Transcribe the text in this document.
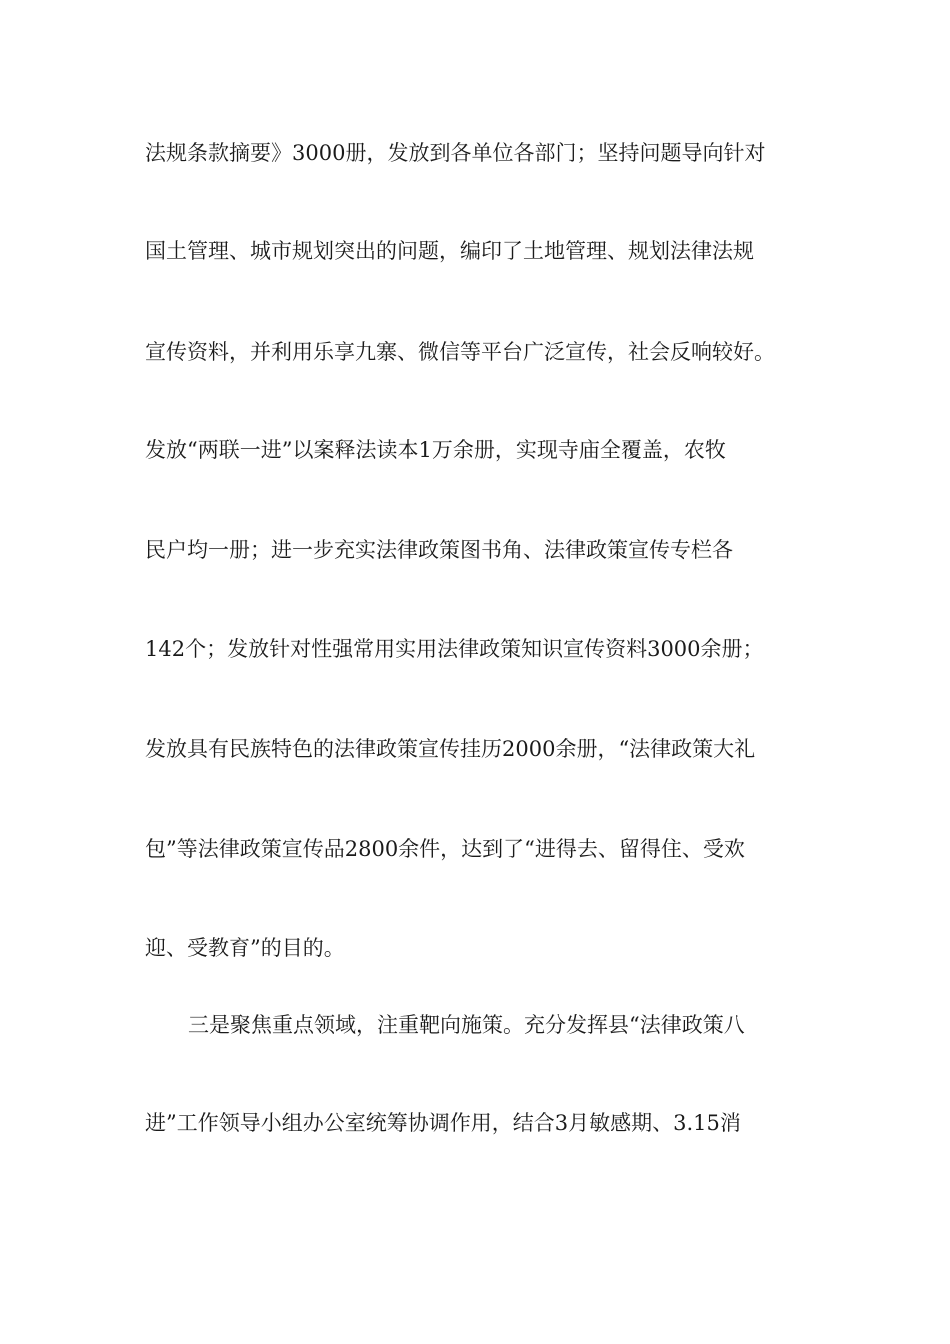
法规条款摘要》3000册，发放到各单位各部门；坚持问题导向针对
国土管理、城市规划突出的问题，编印了土地管理、规划法律法规
宣传资料，并利用乐享九寨、微信等平台广泛宣传，社会反响较好。
发放“两联一进”以案释法读本1万余册，实现寺庙全覆盖，农牧
民户均一册；进一步充实法律政策图书角、法律政策宣传专栏各
142个；发放针对性强常用实用法律政策知识宣传资料3000余册；
发放具有民族特色的法律政策宣传挂历2000余册，“法律政策大礼
包”等法律政策宣传品2800余件，达到了“进得去、留得住、受欢
迎、受教育”的目的。
三是聚焦重点领域，注重靶向施策。充分发挥县“法律政策八
进”工作领导小组办公室统筹协调作用，结合3月敏感期、3.15消
